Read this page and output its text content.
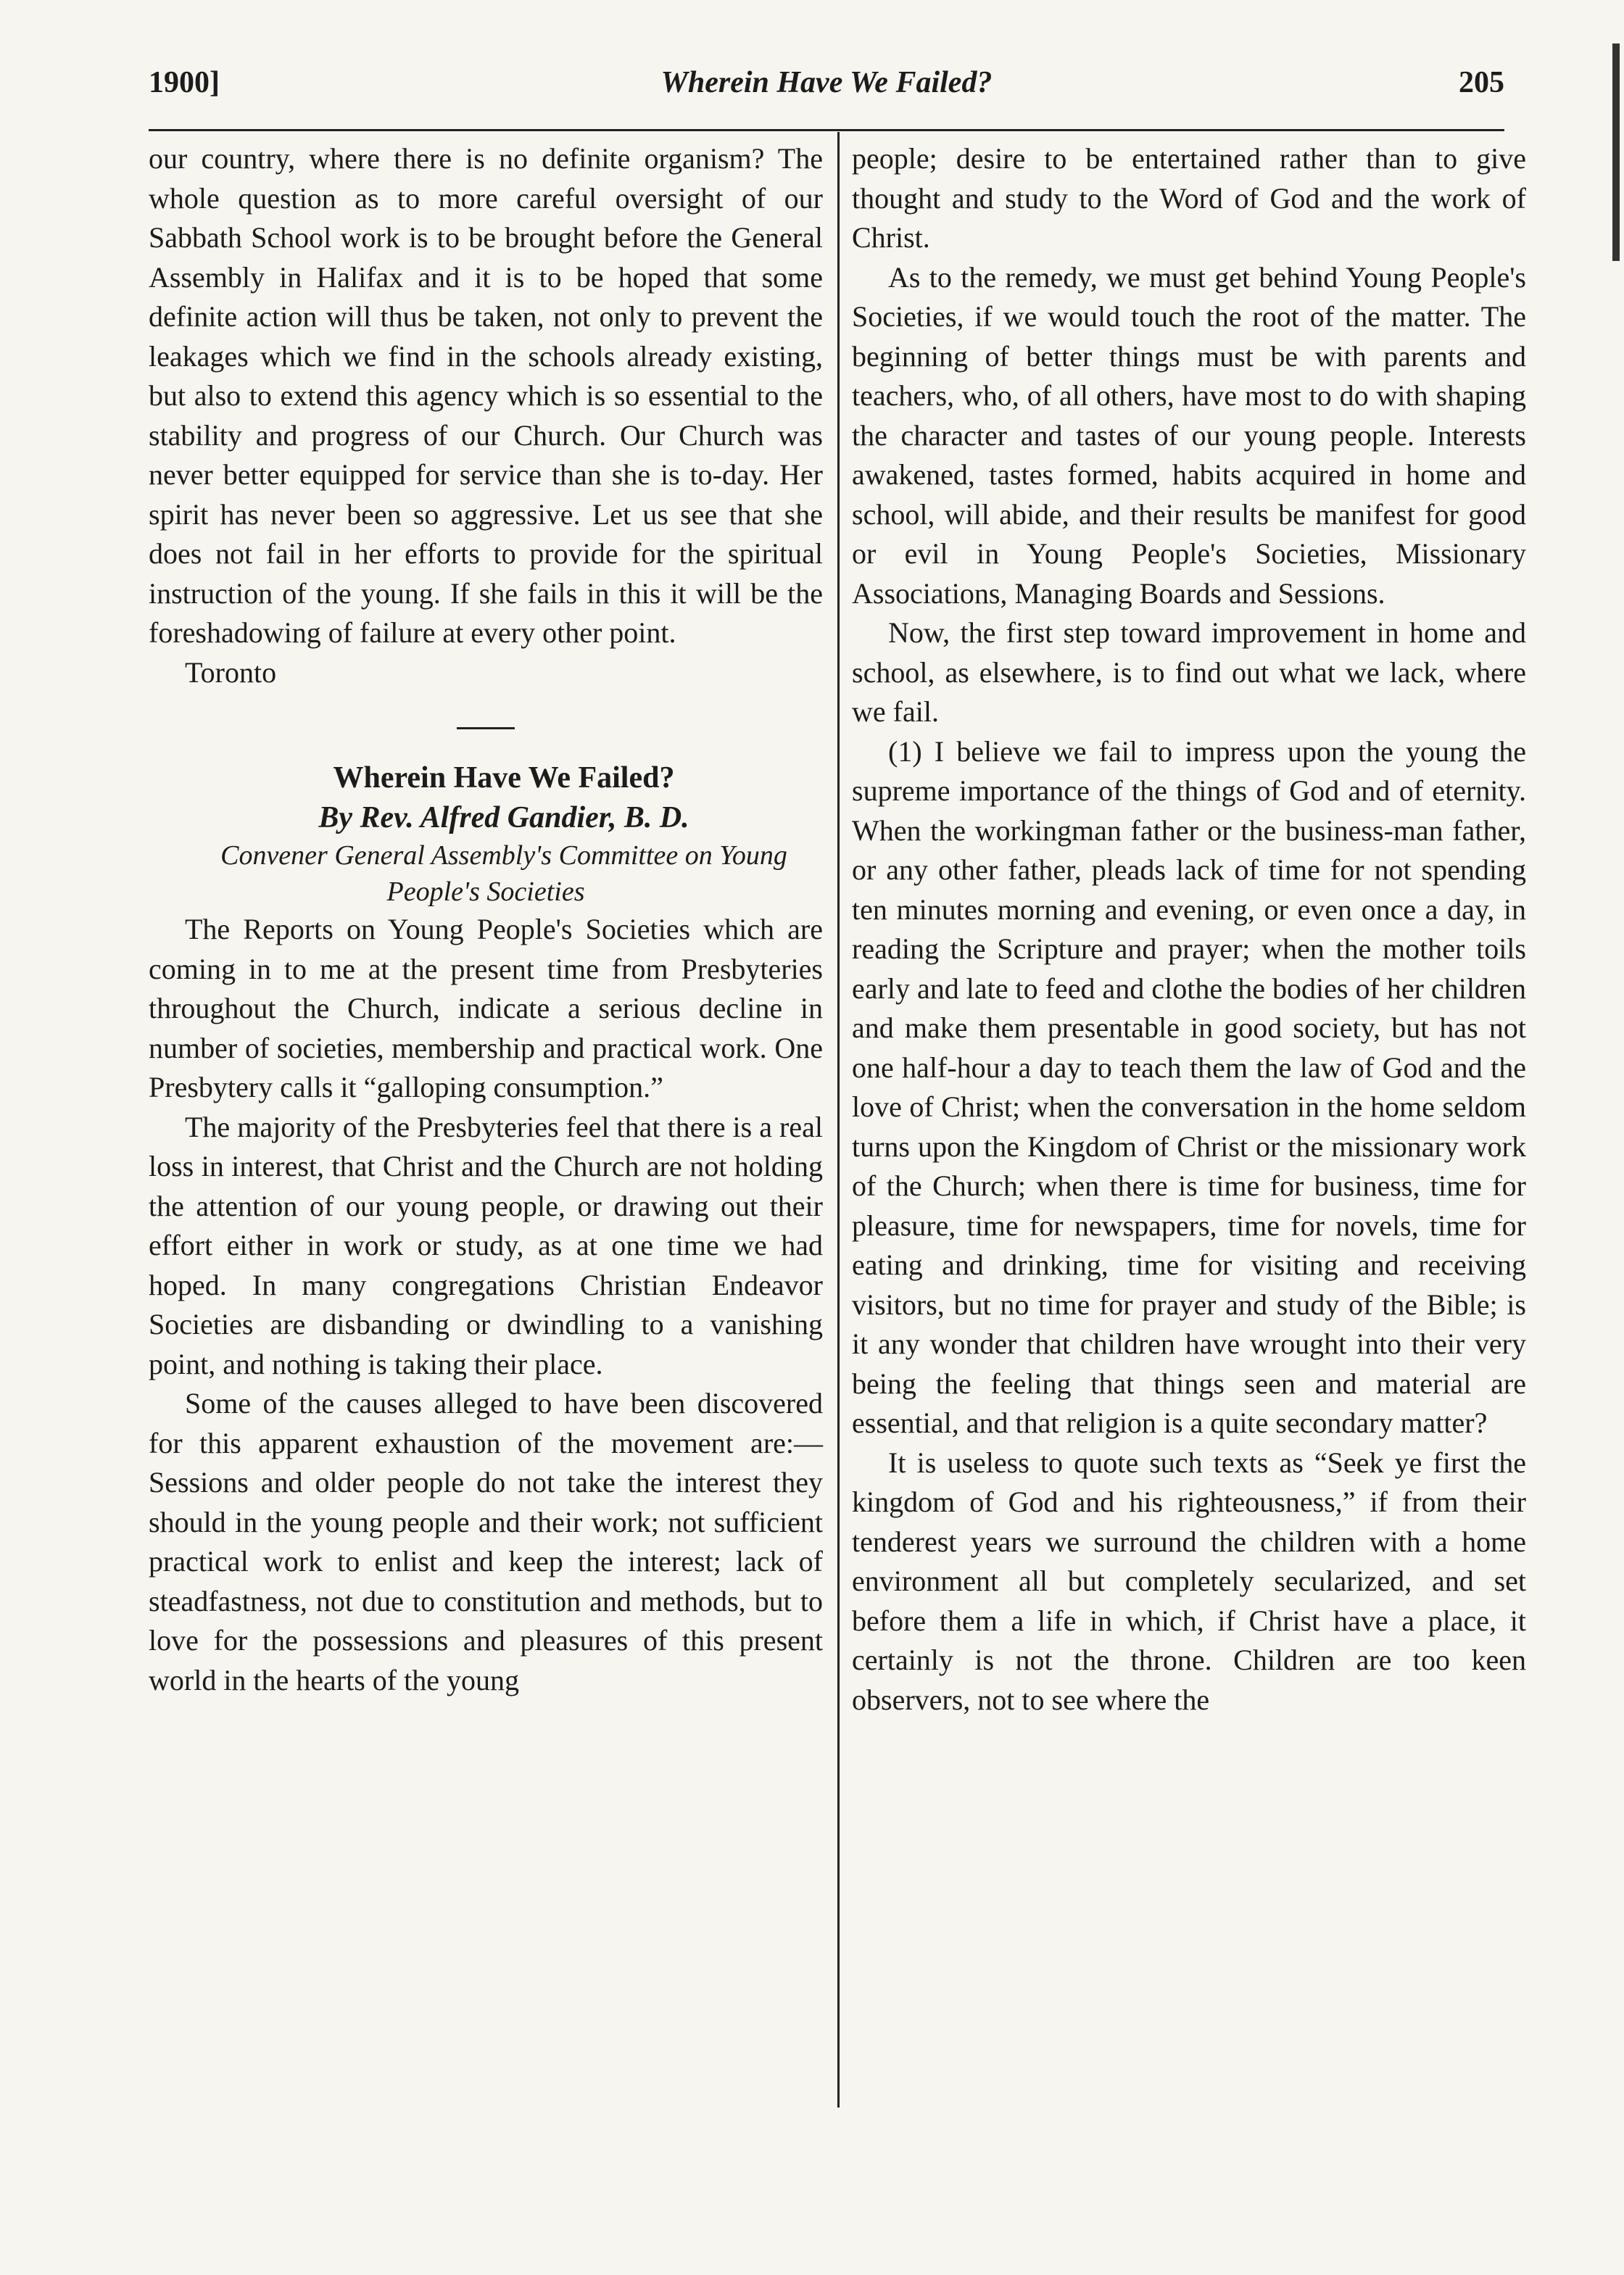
1900]	Wherein Have We Failed?	205

our country, where there is no definite organism? The whole question as to more careful oversight of our Sabbath School work is to be brought before the General Assembly in Halifax and it is to be hoped that some definite action will thus be taken, not only to prevent the leakages which we find in the schools already existing, but also to extend this agency which is so essential to the stability and progress of our Church. Our Church was never better equipped for service than she is to-day. Her spirit has never been so aggressive. Let us see that she does not fail in her efforts to provide for the spiritual instruction of the young. If she fails in this it will be the foreshadowing of failure at every other point.

Toronto

Wherein Have We Failed?

By Rev. Alfred Gandier, B. D.

Convener General Assembly's Committee on Young People's Societies

The Reports on Young People's Societies which are coming in to me at the present time from Presbyteries throughout the Church, indicate a serious decline in number of societies, membership and practical work. One Presbytery calls it “galloping consumption.”

The majority of the Presbyteries feel that there is a real loss in interest, that Christ and the Church are not holding the attention of our young people, or drawing out their effort either in work or study, as at one time we had hoped. In many congregations Christian Endeavor Societies are disbanding or dwindling to a vanishing point, and nothing is taking their place.

Some of the causes alleged to have been discovered for this apparent exhaustion of the movement are:—Sessions and older people do not take the interest they should in the young people and their work; not sufficient practical work to enlist and keep the interest; lack of steadfastness, not due to constitution and methods, but to love for the possessions and pleasures of this present world in the hearts of the young

people; desire to be entertained rather than to give thought and study to the Word of God and the work of Christ.

As to the remedy, we must get behind Young People's Societies, if we would touch the root of the matter. The beginning of better things must be with parents and teachers, who, of all others, have most to do with shaping the character and tastes of our young people. Interests awakened, tastes formed, habits acquired in home and school, will abide, and their results be manifest for good or evil in Young People's Societies, Missionary Associations, Managing Boards and Sessions.

Now, the first step toward improvement in home and school, as elsewhere, is to find out what we lack, where we fail.

(1) I believe we fail to impress upon the young the supreme importance of the things of God and of eternity. When the workingman father or the business-man father, or any other father, pleads lack of time for not spending ten minutes morning and evening, or even once a day, in reading the Scripture and prayer; when the mother toils early and late to feed and clothe the bodies of her children and make them presentable in good society, but has not one half-hour a day to teach them the law of God and the love of Christ; when the conversation in the home seldom turns upon the Kingdom of Christ or the missionary work of the Church; when there is time for business, time for pleasure, time for newspapers, time for novels, time for eating and drinking, time for visiting and receiving visitors, but no time for prayer and study of the Bible; is it any wonder that children have wrought into their very being the feeling that things seen and material are essential, and that religion is a quite secondary matter?

It is useless to quote such texts as “Seek ye first the kingdom of God and his righteousness,” if from their tenderest years we surround the children with a home environment all but completely secularized, and set before them a life in which, if Christ have a place, it certainly is not the throne. Children are too keen observers, not to see where the
